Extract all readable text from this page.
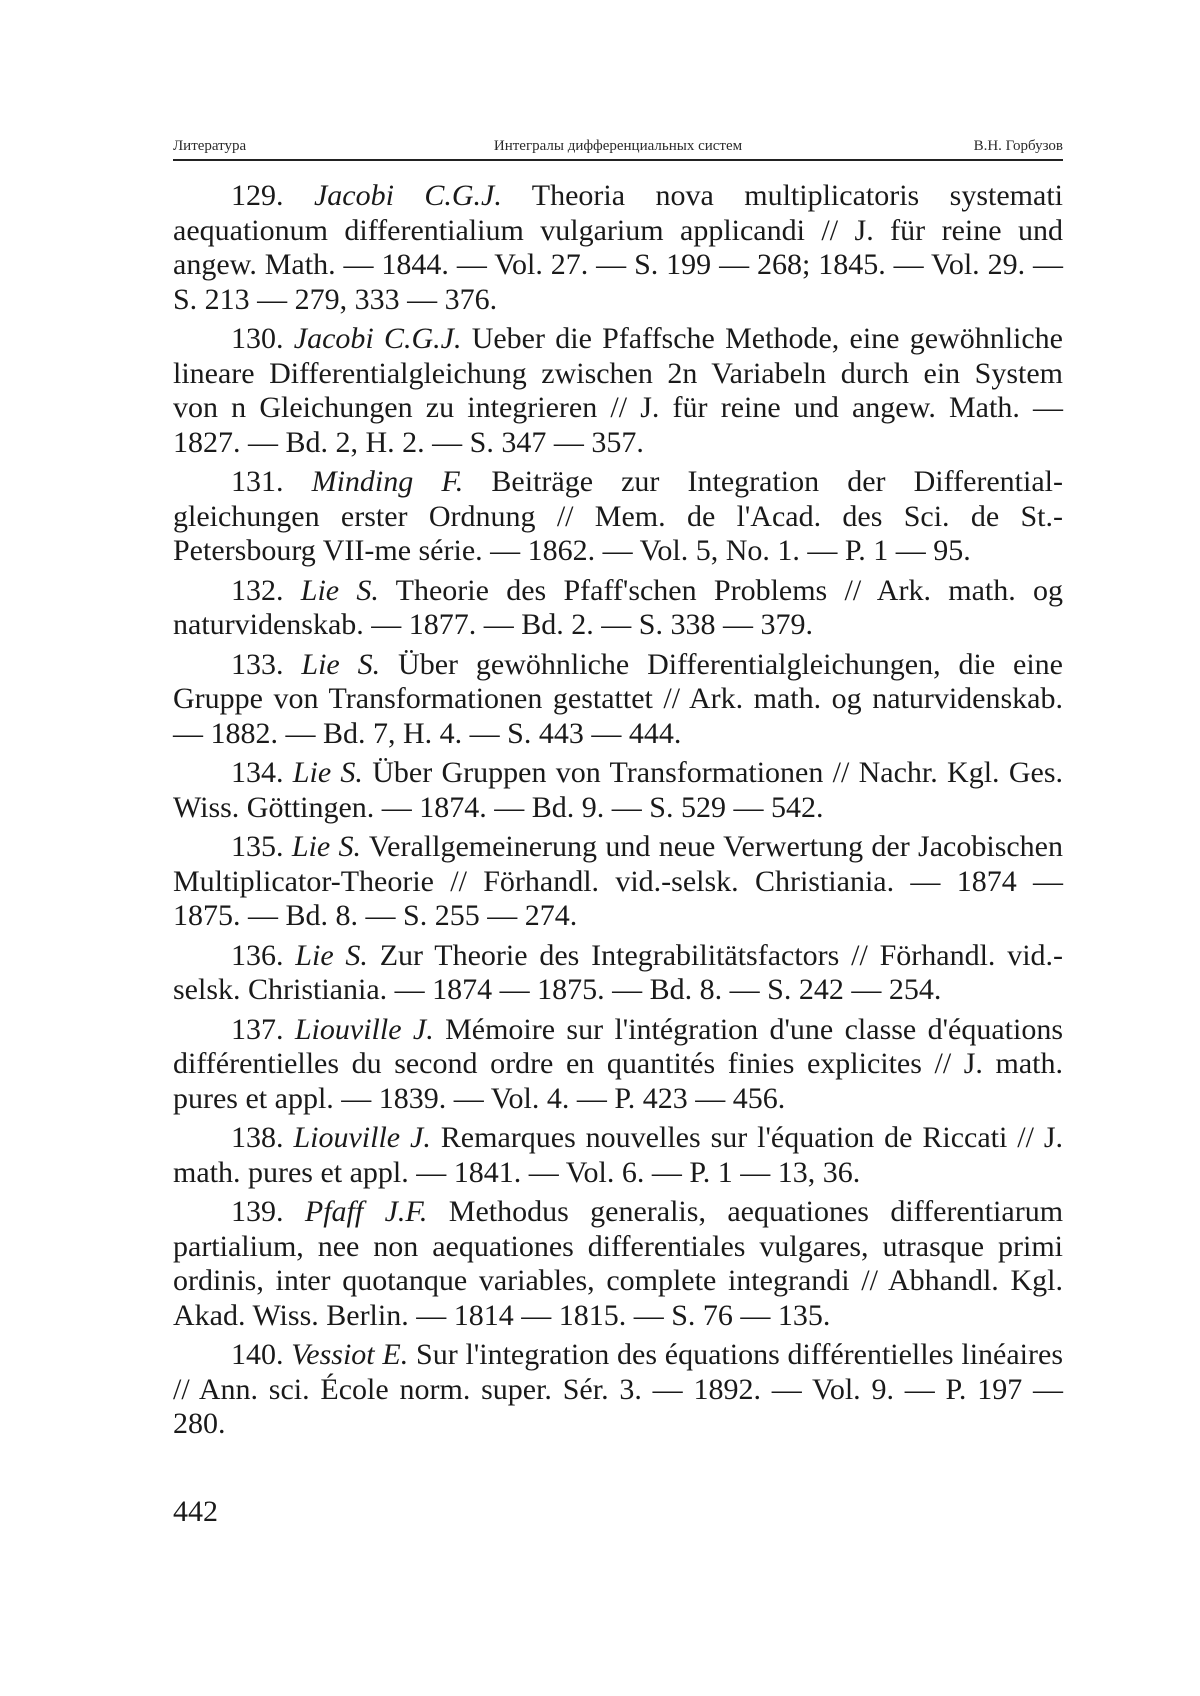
Литература	Интегралы дифференциальных систем	В.Н. Горбузов

129. Jacobi C.G.J. Theoria nova multiplicatoris systemati aequationum differentialium vulgarium applicandi // J. für reine und angew. Math. — 1844. — Vol. 27. — S. 199 — 268; 1845. — Vol. 29. — S. 213 — 279, 333 — 376.

130. Jacobi C.G.J. Ueber die Pfaffsche Methode, eine gewöhnliche lineare Differentialgleichung zwischen 2n Variabeln durch ein System von n Gleichungen zu integrieren // J. für reine und angew. Math. — 1827. — Bd. 2, H. 2. — S. 347 — 357.

131. Minding F. Beiträge zur Integration der Differential-gleichungen erster Ordnung // Mem. de l'Acad. des Sci. de St.-Petersbourg VII-me série. — 1862. — Vol. 5, No. 1. — P. 1 — 95.

132. Lie S. Theorie des Pfaff'schen Problems // Ark. math. og naturvidenskab. — 1877. — Bd. 2. — S. 338 — 379.

133. Lie S. Über gewöhnliche Differentialgleichungen, die eine Gruppe von Transformationen gestattet // Ark. math. og naturvidenskab. — 1882. — Bd. 7, H. 4. — S. 443 — 444.

134. Lie S. Über Gruppen von Transformationen // Nachr. Kgl. Ges. Wiss. Göttingen. — 1874. — Bd. 9. — S. 529 — 542.

135. Lie S. Verallgemeinerung und neue Verwertung der Jacobischen Multiplicator-Theorie // Förhandl. vid.-selsk. Christiania. — 1874 — 1875. — Bd. 8. — S. 255 — 274.

136. Lie S. Zur Theorie des Integrabilitätsfactors // Förhandl. vid.-selsk. Christiania. — 1874 — 1875. — Bd. 8. — S. 242 — 254.

137. Liouville J. Mémoire sur l'intégration d'une classe d'équations différentielles du second ordre en quantités finies explicites // J. math. pures et appl. — 1839. — Vol. 4. — P. 423 — 456.

138. Liouville J. Remarques nouvelles sur l'équation de Riccati // J. math. pures et appl. — 1841. — Vol. 6. — P. 1 — 13, 36.

139. Pfaff J.F. Methodus generalis, aequationes differentiarum partialium, nee non aequationes differentiales vulgares, utrasque primi ordinis, inter quotanque variables, complete integrandi // Abhandl. Kgl. Akad. Wiss. Berlin. — 1814 — 1815. — S. 76 — 135.

140. Vessiot E. Sur l'integration des équations différentielles linéaires // Ann. sci. École norm. super. Sér. 3. — 1892. — Vol. 9. — P. 197 — 280.

442
